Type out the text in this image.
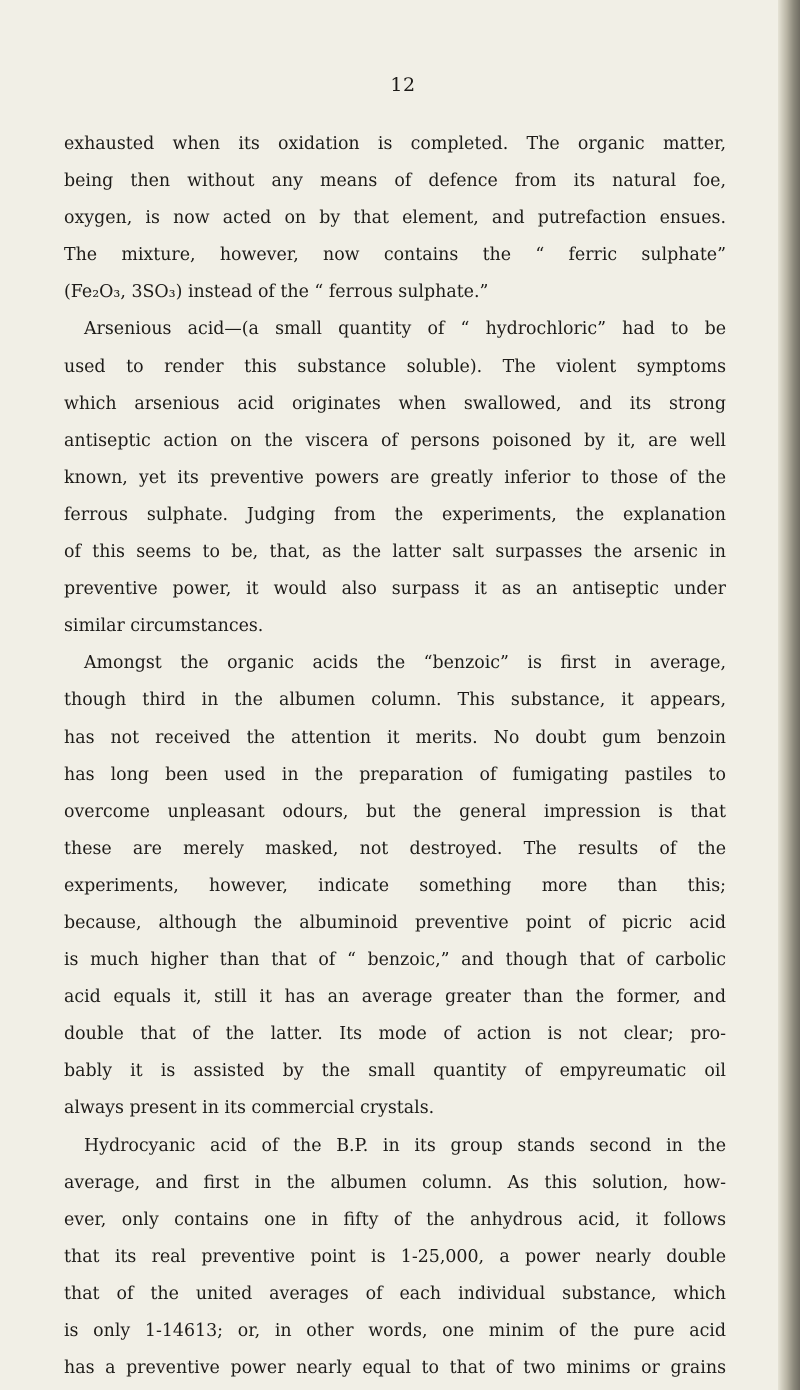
12
exhausted when its oxidation is completed. The organic matter,
being then without any means of defence from its natural foe,
oxygen, is now acted on by that element, and putrefaction ensues.
The mixture, however, now contains the “ ferric sulphate”
(Fe₂O₃, 3SO₃) instead of the “ ferrous sulphate.”
Arsenious acid—(a small quantity of “ hydrochloric” had to be
used to render this substance soluble). The violent symptoms
which arsenious acid originates when swallowed, and its strong
antiseptic action on the viscera of persons poisoned by it, are well
known, yet its preventive powers are greatly inferior to those of the
ferrous sulphate. Judging from the experiments, the explanation
of this seems to be, that, as the latter salt surpasses the arsenic in
preventive power, it would also surpass it as an antiseptic under
similar circumstances.
Amongst the organic acids the “benzoic” is first in average,
though third in the albumen column. This substance, it appears,
has not received the attention it merits. No doubt gum benzoin
has long been used in the preparation of fumigating pastiles to
overcome unpleasant odours, but the general impression is that
these are merely masked, not destroyed. The results of the
experiments, however, indicate something more than this;
because, although the albuminoid preventive point of picric acid
is much higher than that of “ benzoic,” and though that of carbolic
acid equals it, still it has an average greater than the former, and
double that of the latter. Its mode of action is not clear; pro-
bably it is assisted by the small quantity of empyreumatic oil
always present in its commercial crystals.
Hydrocyanic acid of the B.P. in its group stands second in the
average, and first in the albumen column. As this solution, how-
ever, only contains one in fifty of the anhydrous acid, it follows
that its real preventive point is 1-25,000, a power nearly double
that of the united averages of each individual substance, which
is only 1-14613; or, in other words, one minim of the pure acid
has a preventive power nearly equal to that of two minims or grains
